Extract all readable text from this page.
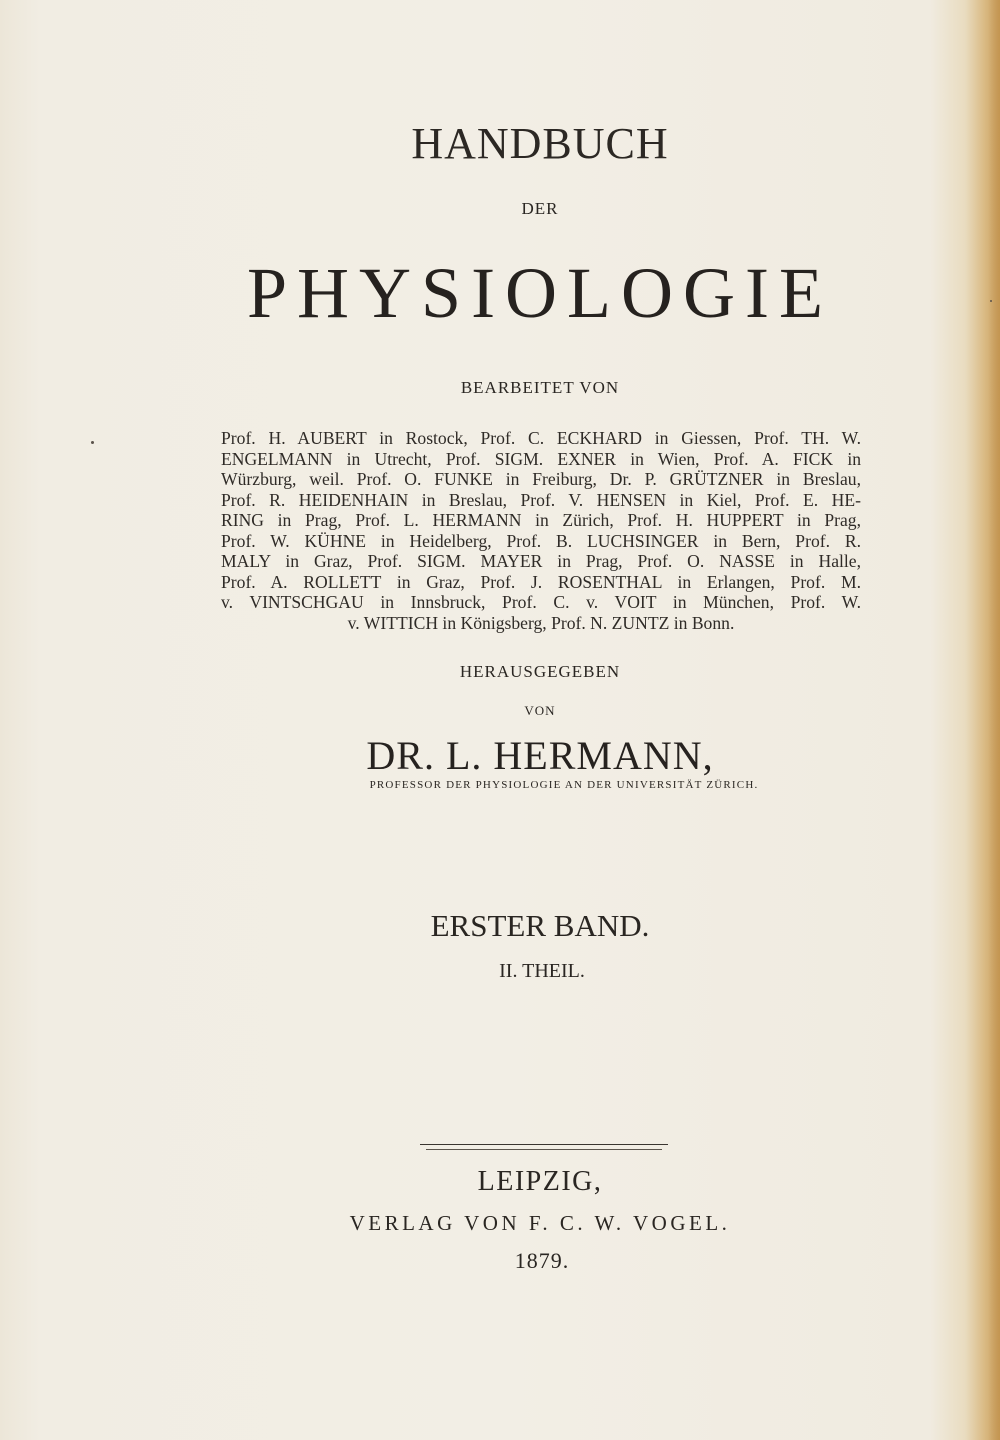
HANDBUCH
DER
PHYSIOLOGIE
BEARBEITET VON
Prof. H. AUBERT in Rostock, Prof. C. ECKHARD in Giessen, Prof. TH. W.
ENGELMANN in Utrecht, Prof. SIGM. EXNER in Wien, Prof. A. FICK in
Würzburg, weil. Prof. O. FUNKE in Freiburg, Dr. P. GRÜTZNER in Breslau,
Prof. R. HEIDENHAIN in Breslau, Prof. V. HENSEN in Kiel, Prof. E. HE-
RING in Prag, Prof. L. HERMANN in Zürich, Prof. H. HUPPERT in Prag,
Prof. W. KÜHNE in Heidelberg, Prof. B. LUCHSINGER in Bern, Prof. R.
MALY in Graz, Prof. SIGM. MAYER in Prag, Prof. O. NASSE in Halle,
Prof. A. ROLLETT in Graz, Prof. J. ROSENTHAL in Erlangen, Prof. M.
v. VINTSCHGAU in Innsbruck, Prof. C. v. VOIT in München, Prof. W.
v. WITTICH in Königsberg, Prof. N. ZUNTZ in Bonn.
HERAUSGEGEBEN
VON
DR. L. HERMANN,
PROFESSOR DER PHYSIOLOGIE AN DER UNIVERSITÄT ZÜRICH.
ERSTER BAND.
II. THEIL.
LEIPZIG,
VERLAG VON F. C. W. VOGEL.
1879.
